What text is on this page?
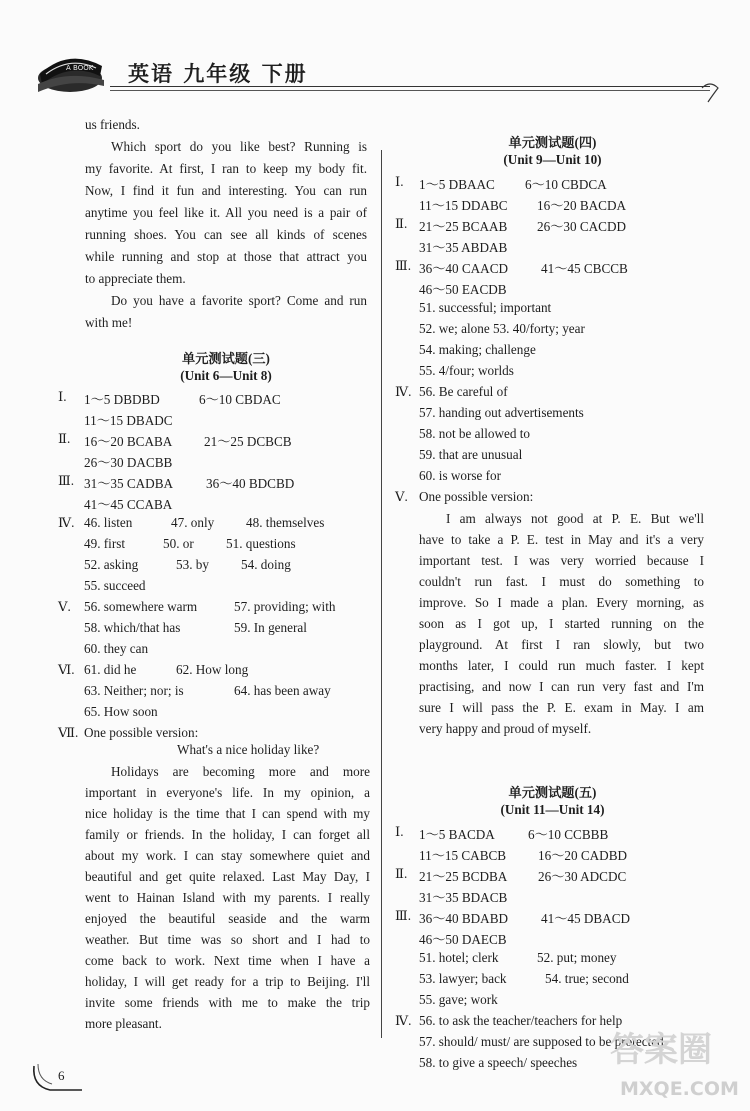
A BOOK 英语 九年级 下册
us friends.
Which sport do you like best? Running is
my favorite. At first, I ran to keep my body fit.
Now, I find it fun and interesting. You can run
anytime you feel like it. All you need is a pair of
running shoes. You can see all kinds of scenes
while running and stop at those that attract you
to appreciate them.
Do you have a favorite sport? Come and run
with me!
单元测试题(三)
(Unit 6—Unit 8)
Ⅰ. 1～5 DBDBD	6～10 CBDAC
11～15 DBADC
Ⅱ. 16～20 BCABA 21～25 DCBCB
26～30 DACBB
Ⅲ. 31～35 CADBA 36～40 BDCBD
41～45 CCABA
Ⅳ. 46. listen	47. only 48. themselves
49. first	50. or 51. questions
52. asking	53. by 54. doing
55. succeed
Ⅴ. 56. somewhere warm	57. providing; with
58. which/that has	59. In general
60. they can
Ⅵ. 61. did he	62. How long
63. Neither; nor; is	64. has been away
65. How soon
Ⅶ. One possible version:
What's a nice holiday like?
Holidays are becoming more and more
important in everyone's life. In my opinion, a
nice holiday is the time that I can spend with my
family or friends. In the holiday, I can forget all
about my work. I can stay somewhere quiet and
beautiful and get quite relaxed. Last May Day, I
went to Hainan Island with my parents. I really
enjoyed the beautiful seaside and the warm
weather. But time was so short and I had to
come back to work. Next time when I have a
holiday, I will get ready for a trip to Beijing. I'll
invite some friends with me to make the trip
more pleasant.
单元测试题(四)
(Unit 9—Unit 10)
Ⅰ. 1～5 DBAAC 6～10 CBDCA
11～15 DDABC 16～20 BACDA
Ⅱ. 21～25 BCAAB 26～30 CACDD
31～35 ABDAB
Ⅲ. 36～40 CAACD 41～45 CBCCB
46～50 EACDB
51. successful; important
52. we; alone 53. 40/forty; year
54. making; challenge
55. 4/four; worlds
Ⅳ. 56. Be careful of
57. handing out advertisements
58. not be allowed to
59. that are unusual
60. is worse for
Ⅴ. One possible version:
I am always not good at P. E. But we'll
have to take a P. E. test in May and it's a very
important test. I was very worried because I
couldn't run fast. I must do something to
improve. So I made a plan. Every morning, as
soon as I got up, I started running on the
playground. At first I ran slowly, but two
months later, I could run much faster. I kept
practising, and now I can run very fast and I'm
sure I will pass the P. E. exam in May. I am
very happy and proud of myself.
单元测试题(五)
(Unit 11—Unit 14)
Ⅰ. 1～5 BACDA	6～10 CCBBB
11～15 CABCB 16～20 CADBD
Ⅱ. 21～25 BCDBA 26～30 ADCDC
31～35 BDACB
Ⅲ. 36～40 BDABD 41～45 DBACD
46～50 DAECB
51. hotel; clerk	52. put; money
53. lawyer; back	54. true; second
55. gave; work
Ⅳ. 56. to ask the teacher/teachers for help
57. should/ must/ are supposed to be protected
58. to give a speech/ speeches
6
答案圈
MXQE.COM
